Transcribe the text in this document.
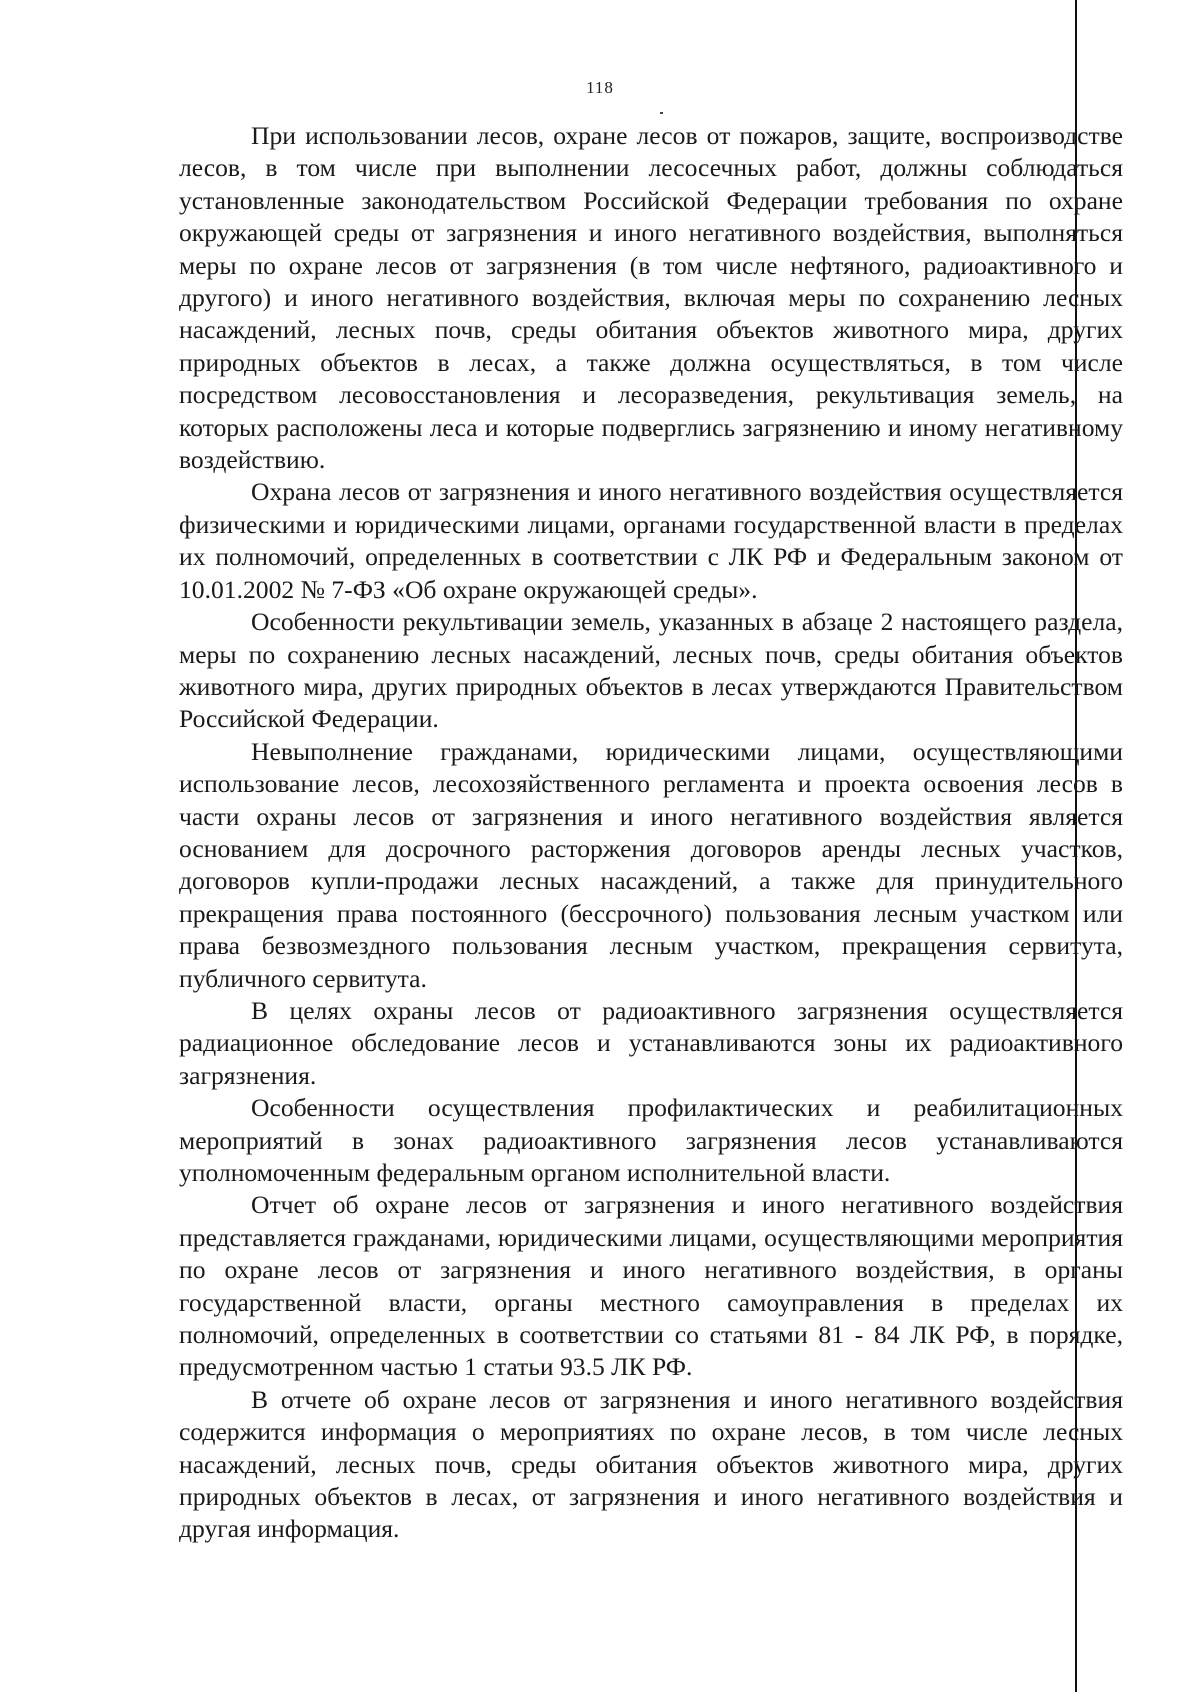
118

При использовании лесов, охране лесов от пожаров, защите, воспроизводстве лесов, в том числе при выполнении лесосечных работ, должны соблюдаться установленные законодательством Российской Федерации требования по охране окружающей среды от загрязнения и иного негативного воздействия, выполняться меры по охране лесов от загрязнения (в том числе нефтяного, радиоактивного и другого) и иного негативного воздействия, включая меры по сохранению лесных насаждений, лесных почв, среды обитания объектов животного мира, других природных объектов в лесах, а также должна осуществляться, в том числе посредством лесовосстановления и лесоразведения, рекультивация земель, на которых расположены леса и которые подверглись загрязнению и иному негативному воздействию.

Охрана лесов от загрязнения и иного негативного воздействия осуществляется физическими и юридическими лицами, органами государственной власти в пределах их полномочий, определенных в соответствии с ЛК РФ и Федеральным законом от 10.01.2002 № 7-ФЗ «Об охране окружающей среды».

Особенности рекультивации земель, указанных в абзаце 2 настоящего раздела, меры по сохранению лесных насаждений, лесных почв, среды обитания объектов животного мира, других природных объектов в лесах утверждаются Правительством Российской Федерации.

Невыполнение гражданами, юридическими лицами, осуществляющими использование лесов, лесохозяйственного регламента и проекта освоения лесов в части охраны лесов от загрязнения и иного негативного воздействия является основанием для досрочного расторжения договоров аренды лесных участков, договоров купли-продажи лесных насаждений, а также для принудительного прекращения права постоянного (бессрочного) пользования лесным участком или права безвозмездного пользования лесным участком, прекращения сервитута, публичного сервитута.

В целях охраны лесов от радиоактивного загрязнения осуществляется радиационное обследование лесов и устанавливаются зоны их радиоактивного загрязнения.

Особенности осуществления профилактических и реабилитационных мероприятий в зонах радиоактивного загрязнения лесов устанавливаются уполномоченным федеральным органом исполнительной власти.

Отчет об охране лесов от загрязнения и иного негативного воздействия представляется гражданами, юридическими лицами, осуществляющими мероприятия по охране лесов от загрязнения и иного негативного воздействия, в органы государственной власти, органы местного самоуправления в пределах их полномочий, определенных в соответствии со статьями 81 - 84 ЛК РФ, в порядке, предусмотренном частью 1 статьи 93.5 ЛК РФ.

В отчете об охране лесов от загрязнения и иного негативного воздействия содержится информация о мероприятиях по охране лесов, в том числе лесных насаждений, лесных почв, среды обитания объектов животного мира, других природных объектов в лесах, от загрязнения и иного негативного воздействия и другая информация.
